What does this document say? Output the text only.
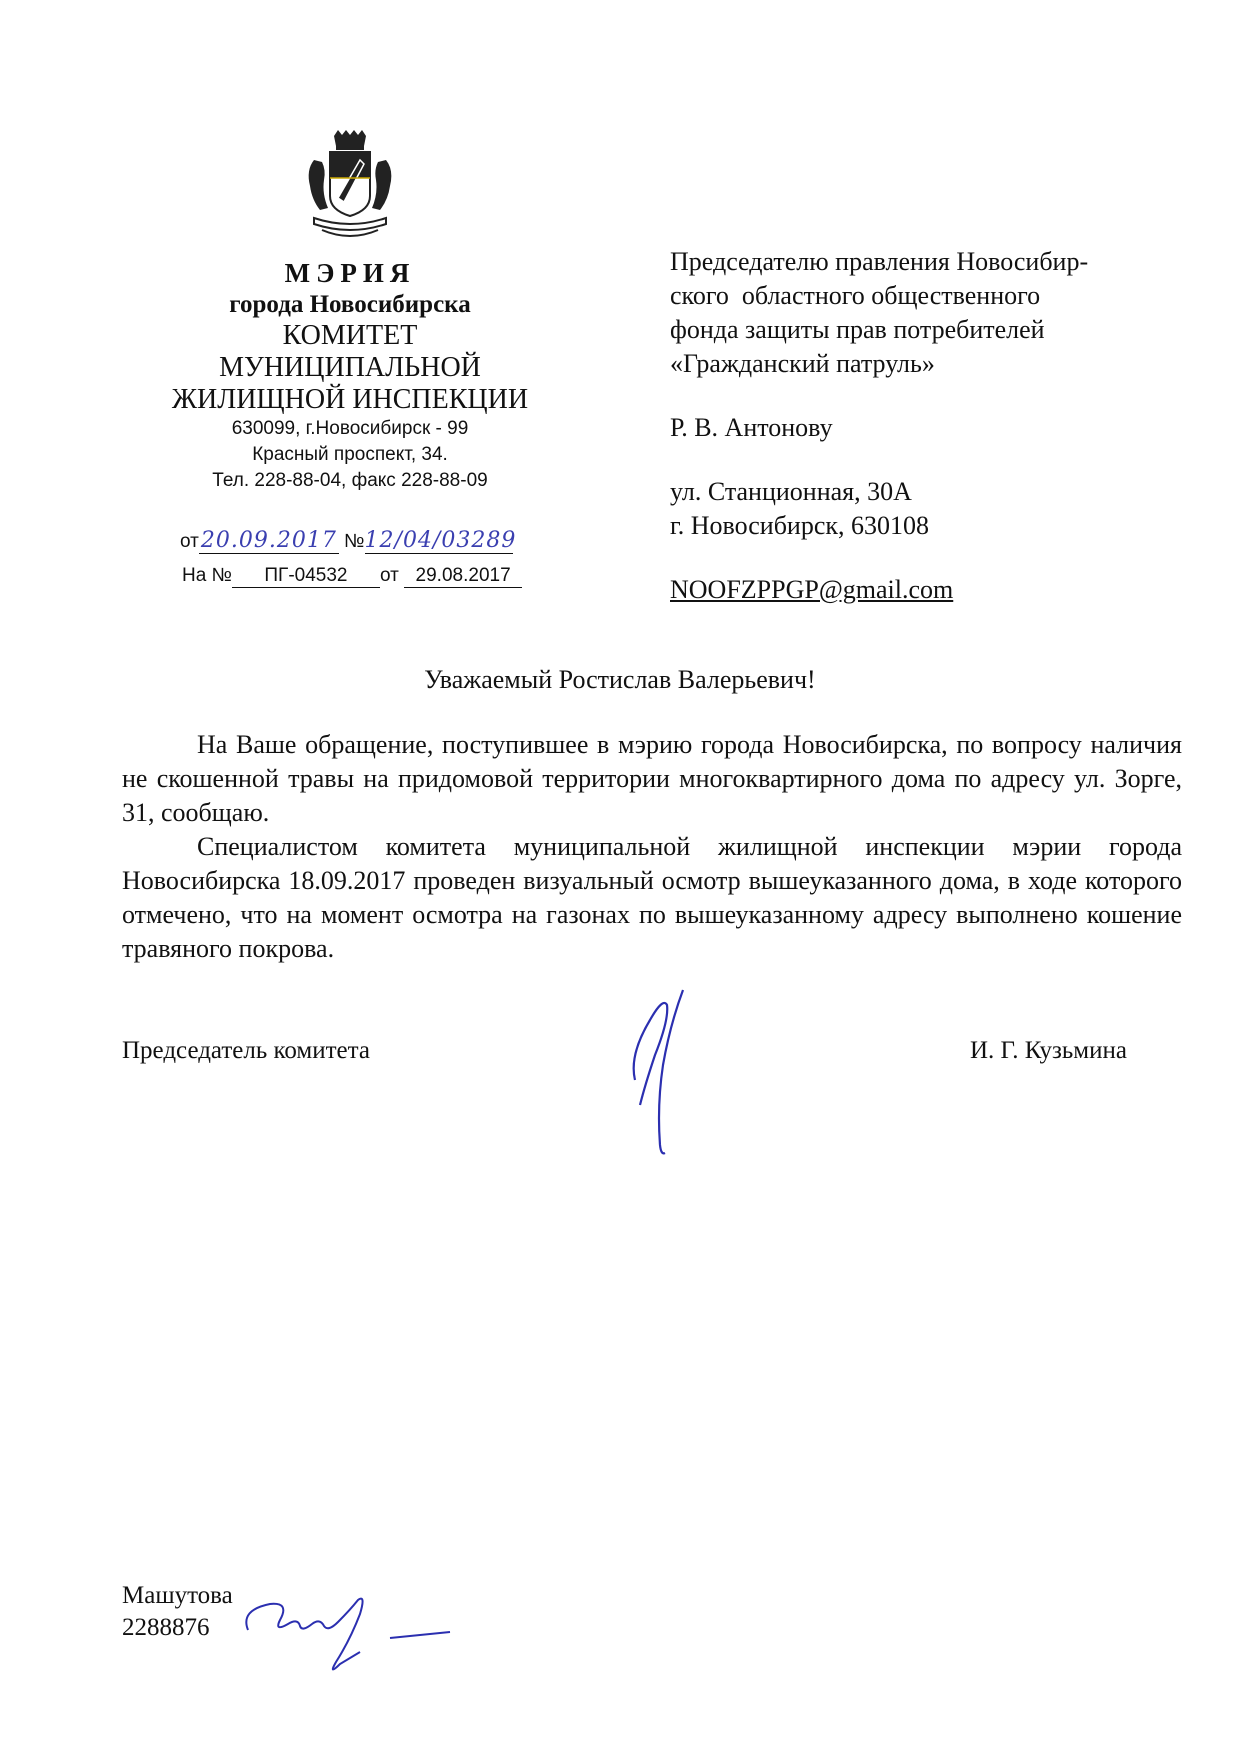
МЭРИЯ
города Новосибирска
КОМИТЕТ
МУНИЦИПАЛЬНОЙ
ЖИЛИЩНОЙ ИНСПЕКЦИИ
630099, г.Новосибирск - 99
Красный проспект, 34.
Тел. 228-88-04, факс 228-88-09
от20.09.2017 №12/04/03289
На № ПГ-04532 от 29.08.2017
Председателю правления Новосибир-
ского  областного общественного
фонда защиты прав потребителей
«Гражданский патруль»
Р. В. Антонову
ул. Станционная, 30А
г. Новосибирск, 630108
NOOFZPPGP@gmail.com
Уважаемый Ростислав Валерьевич!

На Ваше обращение, поступившее в мэрию города Новосибирска, по вопросу наличия не скошенной травы на придомовой территории многоквартирного дома по адресу ул. Зорге, 31, сообщаю.

Специалистом комитета муниципальной жилищной инспекции мэрии города Новосибирска 18.09.2017 проведен визуальный осмотр вышеуказанного дома, в ходе которого отмечено, что на момент осмотра на газонах по вышеуказанному адресу выполнено кошение травяного покрова.

Председатель комитета	И. Г. Кузьмина
Машутова
2288876
